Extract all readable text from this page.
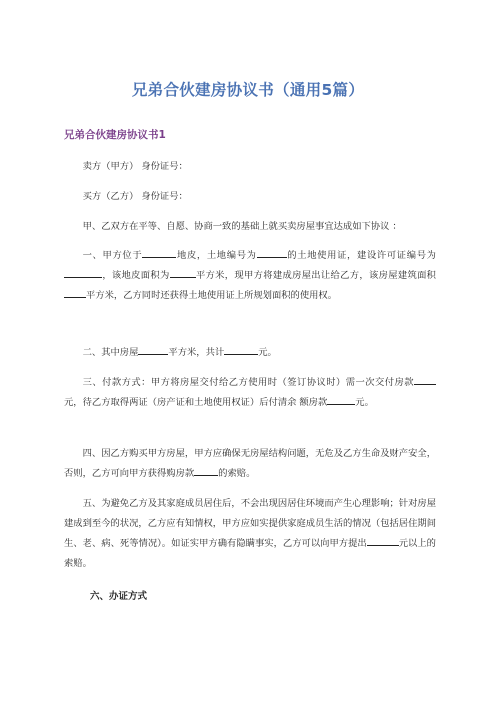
兄弟合伙建房协议书（通用5篇）
兄弟合伙建房协议书1

卖方（甲方） 身份证号：

买方（乙方） 身份证号：

甲、乙双方在平等、自愿、协商一致的基础上就买卖房屋事宜达成如下协议 ：

一、甲方位于	地皮，土地编号为	的土地使用证，建设许可证编号为，该地皮面积为	平方米，现甲方将建成房屋出让给乙方，该房屋建筑面积平方米，乙方同时还获得土地使用证上所规划面积的使用权。

二、其中房屋	平方米，共计	元。

三、付款方式：甲方将房屋交付给乙方使用时（签订协议时）需一次交付房款元，待乙方取得两证（房产证和土地使用权证）后付清余 额房款	元。

四、因乙方购买甲方房屋，甲方应确保无房屋结构问题，无危及乙方生命及财产安全，否则，乙方可向甲方获得购房款	的索赔。

五、为避免乙方及其家庭成员居住后，不会出现因居住环境而产生心理影响；针对房屋建成到至今的状况，乙方应有知情权，甲方应如实提供家庭成员生活的情况（包括居住期间生、老、病、死等情况）。如证实甲方确有隐瞒事实，乙方可以向甲方提出	元以上的索赔。

六、办证方式
